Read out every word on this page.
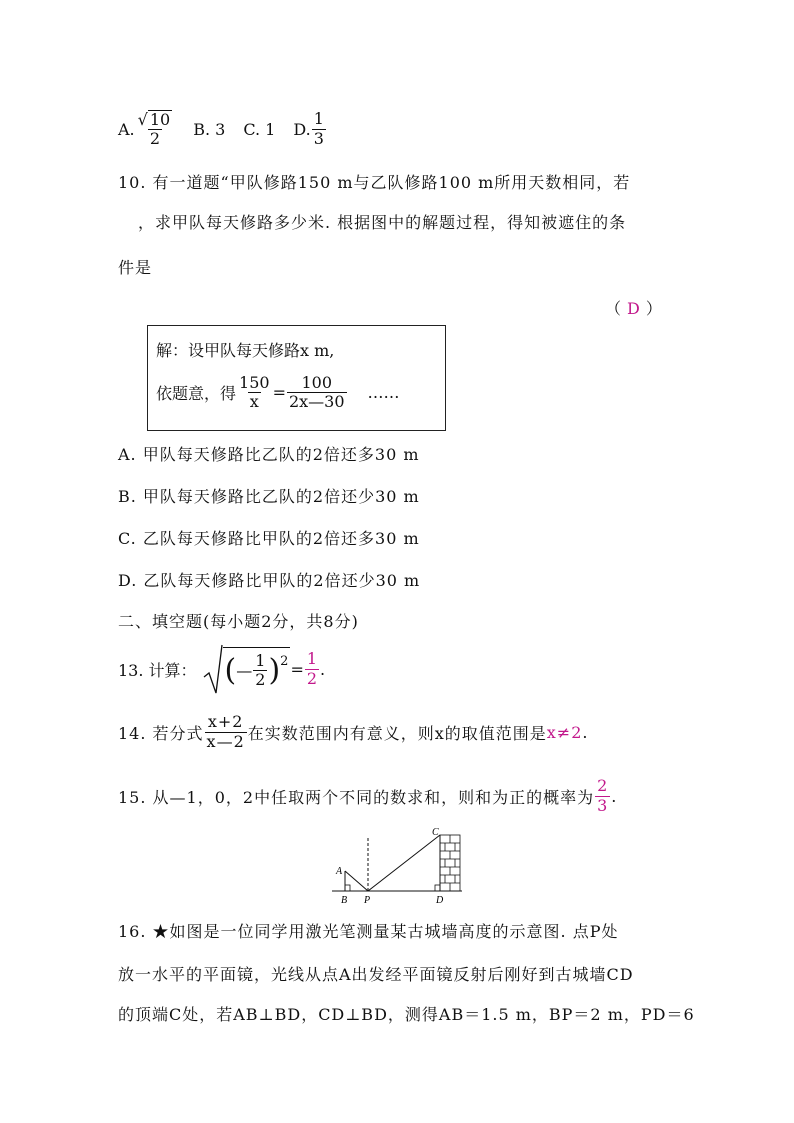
A. $\frac{√ 10}{2} B$. 3 C. 1 D. $\frac{1}{3}$
10. 有一道题“甲队修路150 m与乙队修路100 m所用天数相同，若
，求甲队每天修路多少米. 根据图中的解题过程，得知被遮住的条
件是
（ D ）
解：设甲队每天修路x m,
依题意，得 $\frac{150}{x} = \frac{100}{2x—30}$ ……
A. 甲队每天修路比乙队的2倍还多30 m
B. 甲队每天修路比乙队的2倍还少30 m
C. 乙队每天修路比甲队的2倍还多30 m
D. 乙队每天修路比甲队的2倍还少30 m
二、填空题(每小题2分，共8分)
13. 计算： ( — $\frac{1}{2}$ ) $2 = \frac{1}{2}$ .
14. 若分式 $\frac{x+2}{x—2}$ 在实数范围内有意义，则x的取值范围是 x≠2 .
15. 从—1，0，2中任取两个不同的数求和，则和为正的概率为 $\frac{2}{3}$ .
A
B P
C
D
16. ★如图是一位同学用激光笔测量某古城墙高度的示意图. 点P处
放一水平的平面镜，光线从点A出发经平面镜反射后刚好到古城墙CD
的顶端C处，若AB⊥BD，CD⊥BD，测得AB＝1.5 m，BP＝2 m，PD＝6
